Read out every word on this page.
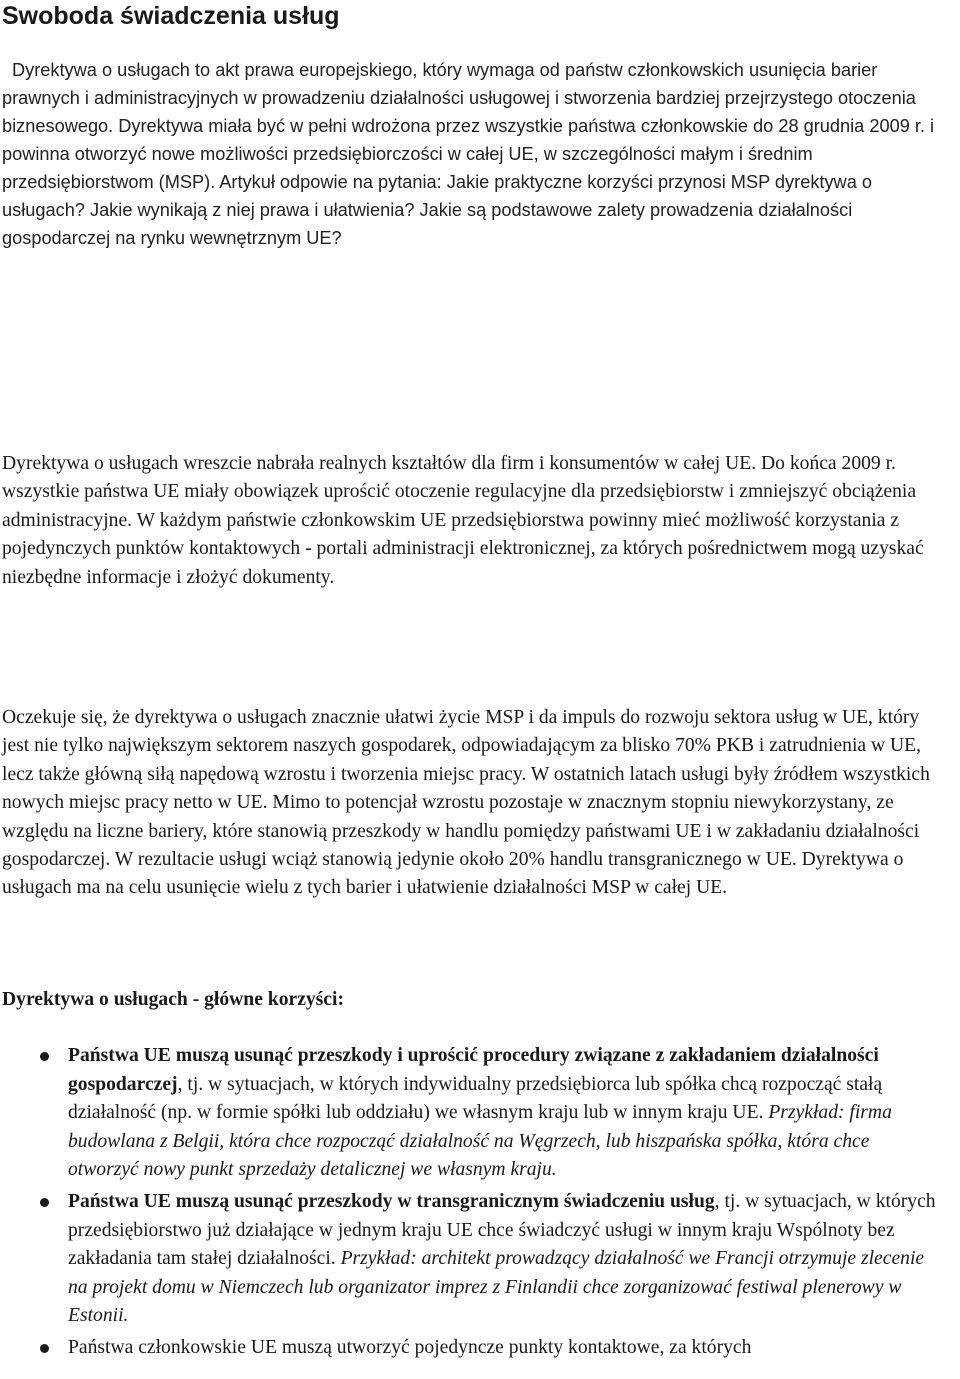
Swoboda świadczenia usług

Dyrektywa o usługach to akt prawa europejskiego, który wymaga od państw członkowskich usunięcia barier prawnych i administracyjnych w prowadzeniu działalności usługowej i stworzenia bardziej przejrzystego otoczenia biznesowego. Dyrektywa miała być w pełni wdrożona przez wszystkie państwa członkowskie do 28 grudnia 2009 r. i powinna otworzyć nowe możliwości przedsiębiorczości w całej UE, w szczególności małym i średnim przedsiębiorstwom (MSP). Artykuł odpowie na pytania: Jakie praktyczne korzyści przynosi MSP dyrektywa o usługach? Jakie wynikają z niej prawa i ułatwienia? Jakie są podstawowe zalety prowadzenia działalności gospodarczej na rynku wewnętrznym UE?

Dyrektywa o usługach wreszcie nabrała realnych kształtów dla firm i konsumentów w całej UE. Do końca 2009 r. wszystkie państwa UE miały obowiązek uprościć otoczenie regulacyjne dla przedsiębiorstw i zmniejszyć obciążenia administracyjne. W każdym państwie członkowskim UE przedsiębiorstwa powinny mieć możliwość korzystania z pojedynczych punktów kontaktowych - portali administracji elektronicznej, za których pośrednictwem mogą uzyskać niezbędne informacje i złożyć dokumenty.

Oczekuje się, że dyrektywa o usługach znacznie ułatwi życie MSP i da impuls do rozwoju sektora usług w UE, który jest nie tylko największym sektorem naszych gospodarek, odpowiadającym za blisko 70% PKB i zatrudnienia w UE, lecz także główną siłą napędową wzrostu i tworzenia miejsc pracy. W ostatnich latach usługi były źródłem wszystkich nowych miejsc pracy netto w UE. Mimo to potencjał wzrostu pozostaje w znacznym stopniu niewykorzystany, ze względu na liczne bariery, które stanowią przeszkody w handlu pomiędzy państwami UE i w zakładaniu działalności gospodarczej. W rezultacie usługi wciąż stanowią jedynie około 20% handlu transgranicznego w UE. Dyrektywa o usługach ma na celu usunięcie wielu z tych barier i ułatwienie działalności MSP w całej UE.

Dyrektywa o usługach - główne korzyści:

Państwa UE muszą usunąć przeszkody i uprościć procedury związane z zakładaniem działalności gospodarczej, tj. w sytuacjach, w których indywidualny przedsiębiorca lub spółka chcą rozpocząć stałą działalność (np. w formie spółki lub oddziału) we własnym kraju lub w innym kraju UE. Przykład: firma budowlana z Belgii, która chce rozpocząć działalność na Węgrzech, lub hiszpańska spółka, która chce otworzyć nowy punkt sprzedaży detalicznej we własnym kraju.
Państwa UE muszą usunąć przeszkody w transgranicznym świadczeniu usług, tj. w sytuacjach, w których przedsiębiorstwo już działające w jednym kraju UE chce świadczyć usługi w innym kraju Wspólnoty bez zakładania tam stałej działalności. Przykład: architekt prowadzący działalność we Francji otrzymuje zlecenie na projekt domu w Niemczech lub organizator imprez z Finlandii chce zorganizować festiwal plenerowy w Estonii.
Państwa członkowskie UE muszą utworzyć pojedyncze punkty kontaktowe, za których
